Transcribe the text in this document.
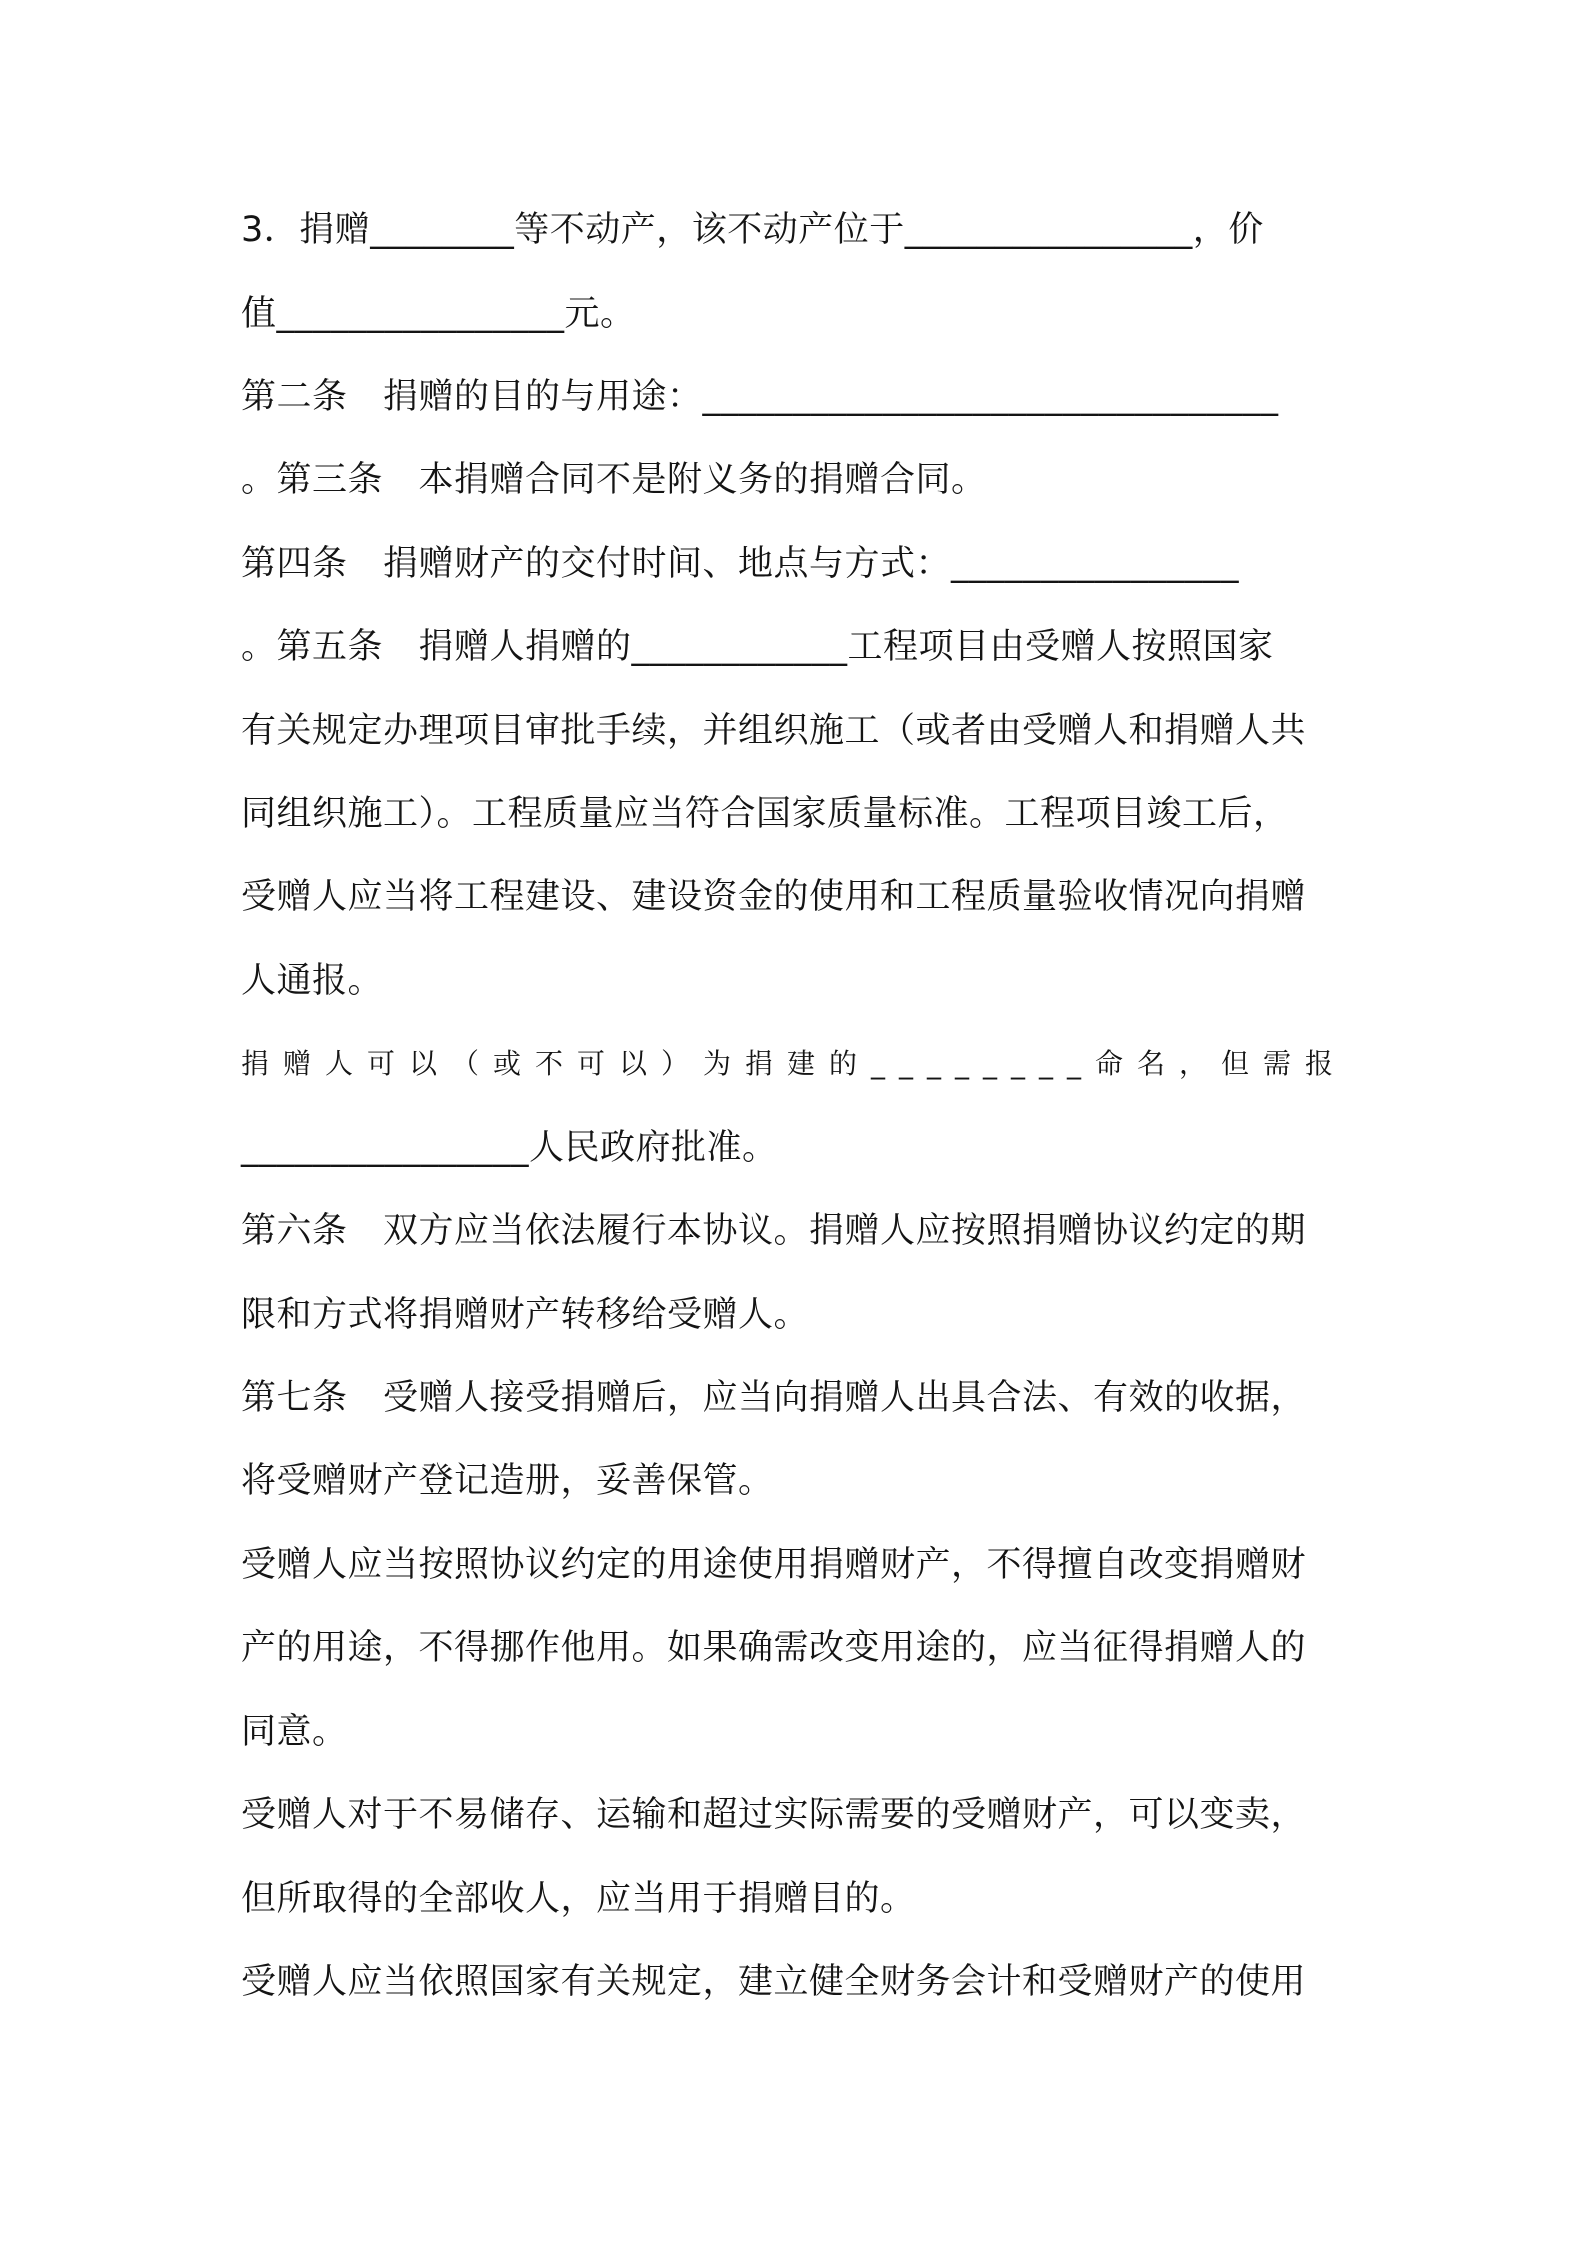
3．捐赠________等不动产，该不动产位于________________，价
值________________元。
第二条　捐赠的目的与用途：________________________________
。第三条　本捐赠合同不是附义务的捐赠合同。
第四条　捐赠财产的交付时间、地点与方式：________________
。第五条　捐赠人捐赠的____________工程项目由受赠人按照国家
有关规定办理项目审批手续，并组织施工（或者由受赠人和捐赠人共
同组织施工）。工程质量应当符合国家质量标准。工程项目竣工后，
受赠人应当将工程建设、建设资金的使用和工程质量验收情况向捐赠
人通报。
捐赠人可以（或不可以）为捐建的________命名，但需报
________________人民政府批准。
第六条　双方应当依法履行本协议。捐赠人应按照捐赠协议约定的期
限和方式将捐赠财产转移给受赠人。
第七条　受赠人接受捐赠后，应当向捐赠人出具合法、有效的收据，
将受赠财产登记造册，妥善保管。
受赠人应当按照协议约定的用途使用捐赠财产，不得擅自改变捐赠财
产的用途，不得挪作他用。如果确需改变用途的，应当征得捐赠人的
同意。
受赠人对于不易储存、运输和超过实际需要的受赠财产，可以变卖，
但所取得的全部收人，应当用于捐赠目的。
受赠人应当依照国家有关规定，建立健全财务会计和受赠财产的使用
